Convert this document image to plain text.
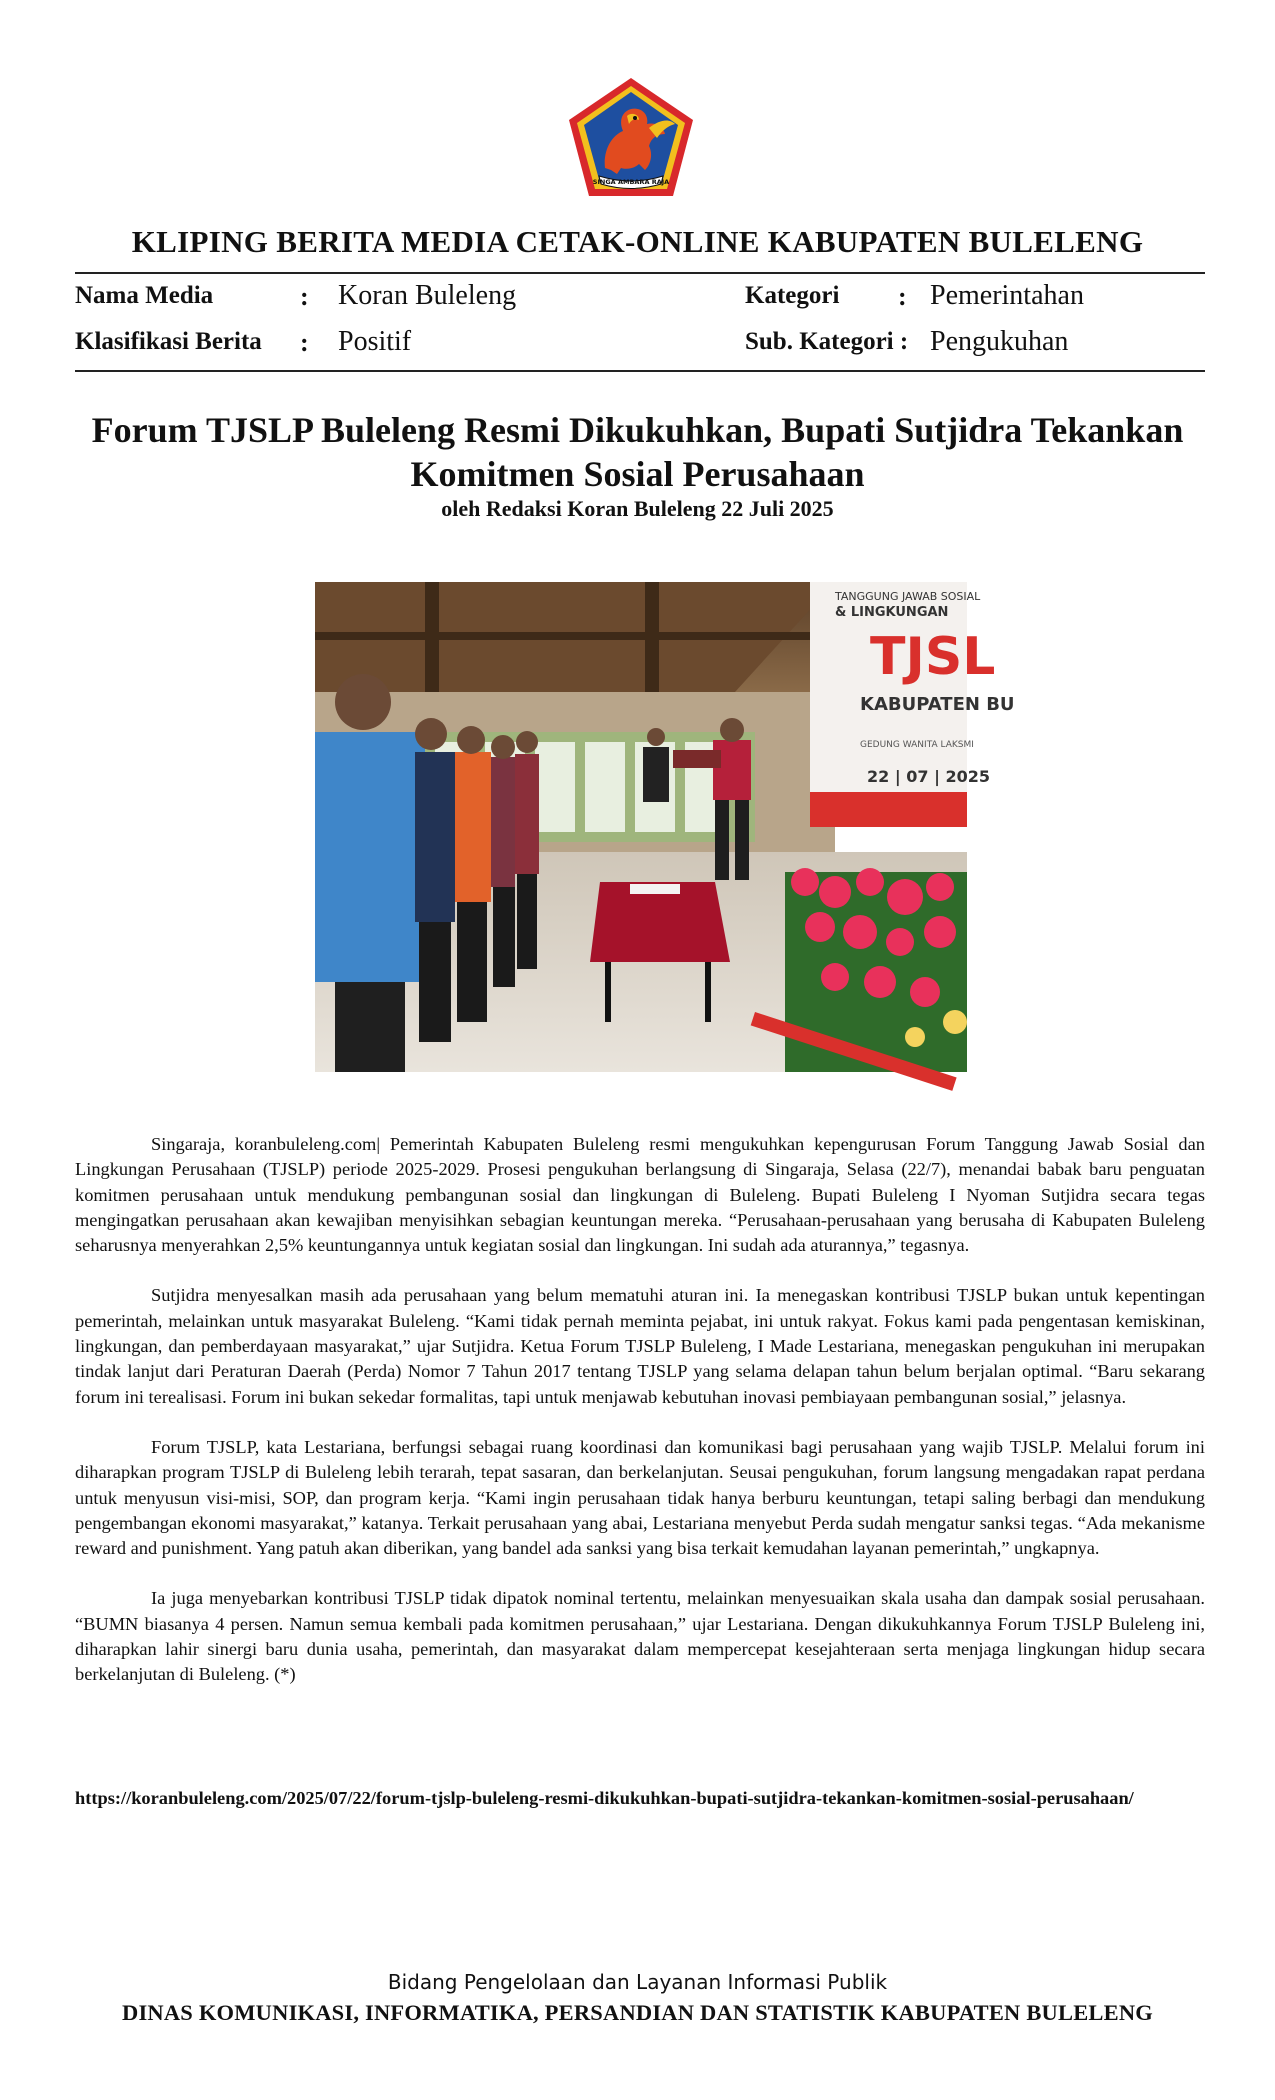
SINGA AMBARA RAJA
KLIPING BERITA MEDIA CETAK-ONLINE KABUPATEN BULELENG
Nama Media	: Koran Buleleng	Kategori : Pemerintahan
Klasifikasi Berita : Positif	Sub. Kategori : Pengukuhan
Forum TJSLP Buleleng Resmi Dikukuhkan, Bupati Sutjidra Tekankan Komitmen Sosial Perusahaan
oleh Redaksi Koran Buleleng 22 Juli 2025
TANGGUNG JAWAB SOSIAL
& LINGKUNGAN
TJSL
KABUPATEN BU
GEDUNG WANITA LAKSMI
22 | 07 | 2025

Singaraja, koranbuleleng.com| Pemerintah Kabupaten Buleleng resmi mengukuhkan kepengurusan Forum Tanggung Jawab Sosial dan Lingkungan Perusahaan (TJSLP) periode 2025-2029. Prosesi pengukuhan berlangsung di Singaraja, Selasa (22/7), menandai babak baru penguatan komitmen perusahaan untuk mendukung pembangunan sosial dan lingkungan di Buleleng. Bupati Buleleng I Nyoman Sutjidra secara tegas mengingatkan perusahaan akan kewajiban menyisihkan sebagian keuntungan mereka. “Perusahaan-perusahaan yang berusaha di Kabupaten Buleleng seharusnya menyerahkan 2,5% keuntungannya untuk kegiatan sosial dan lingkungan. Ini sudah ada aturannya,” tegasnya.

Sutjidra menyesalkan masih ada perusahaan yang belum mematuhi aturan ini. Ia menegaskan kontribusi TJSLP bukan untuk kepentingan pemerintah, melainkan untuk masyarakat Buleleng. “Kami tidak pernah meminta pejabat, ini untuk rakyat. Fokus kami pada pengentasan kemiskinan, lingkungan, dan pemberdayaan masyarakat,” ujar Sutjidra. Ketua Forum TJSLP Buleleng, I Made Lestariana, menegaskan pengukuhan ini merupakan tindak lanjut dari Peraturan Daerah (Perda) Nomor 7 Tahun 2017 tentang TJSLP yang selama delapan tahun belum berjalan optimal. “Baru sekarang forum ini terealisasi. Forum ini bukan sekedar formalitas, tapi untuk menjawab kebutuhan inovasi pembiayaan pembangunan sosial,” jelasnya.

Forum TJSLP, kata Lestariana, berfungsi sebagai ruang koordinasi dan komunikasi bagi perusahaan yang wajib TJSLP. Melalui forum ini diharapkan program TJSLP di Buleleng lebih terarah, tepat sasaran, dan berkelanjutan. Seusai pengukuhan, forum langsung mengadakan rapat perdana untuk menyusun visi-misi, SOP, dan program kerja. “Kami ingin perusahaan tidak hanya berburu keuntungan, tetapi saling berbagi dan mendukung pengembangan ekonomi masyarakat,” katanya. Terkait perusahaan yang abai, Lestariana menyebut Perda sudah mengatur sanksi tegas. “Ada mekanisme reward and punishment. Yang patuh akan diberikan, yang bandel ada sanksi yang bisa terkait kemudahan layanan pemerintah,” ungkapnya.

Ia juga menyebarkan kontribusi TJSLP tidak dipatok nominal tertentu, melainkan menyesuaikan skala usaha dan dampak sosial perusahaan. “BUMN biasanya 4 persen. Namun semua kembali pada komitmen perusahaan,” ujar Lestariana. Dengan dikukuhkannya Forum TJSLP Buleleng ini, diharapkan lahir sinergi baru dunia usaha, pemerintah, dan masyarakat dalam mempercepat kesejahteraan serta menjaga lingkungan hidup secara berkelanjutan di Buleleng. (*)

https://koranbuleleng.com/2025/07/22/forum-tjslp-buleleng-resmi-dikukuhkan-bupati-sutjidra-tekankan-komitmen-sosial-perusahaan/
Bidang Pengelolaan dan Layanan Informasi Publik
DINAS KOMUNIKASI, INFORMATIKA, PERSANDIAN DAN STATISTIK KABUPATEN BULELENG
